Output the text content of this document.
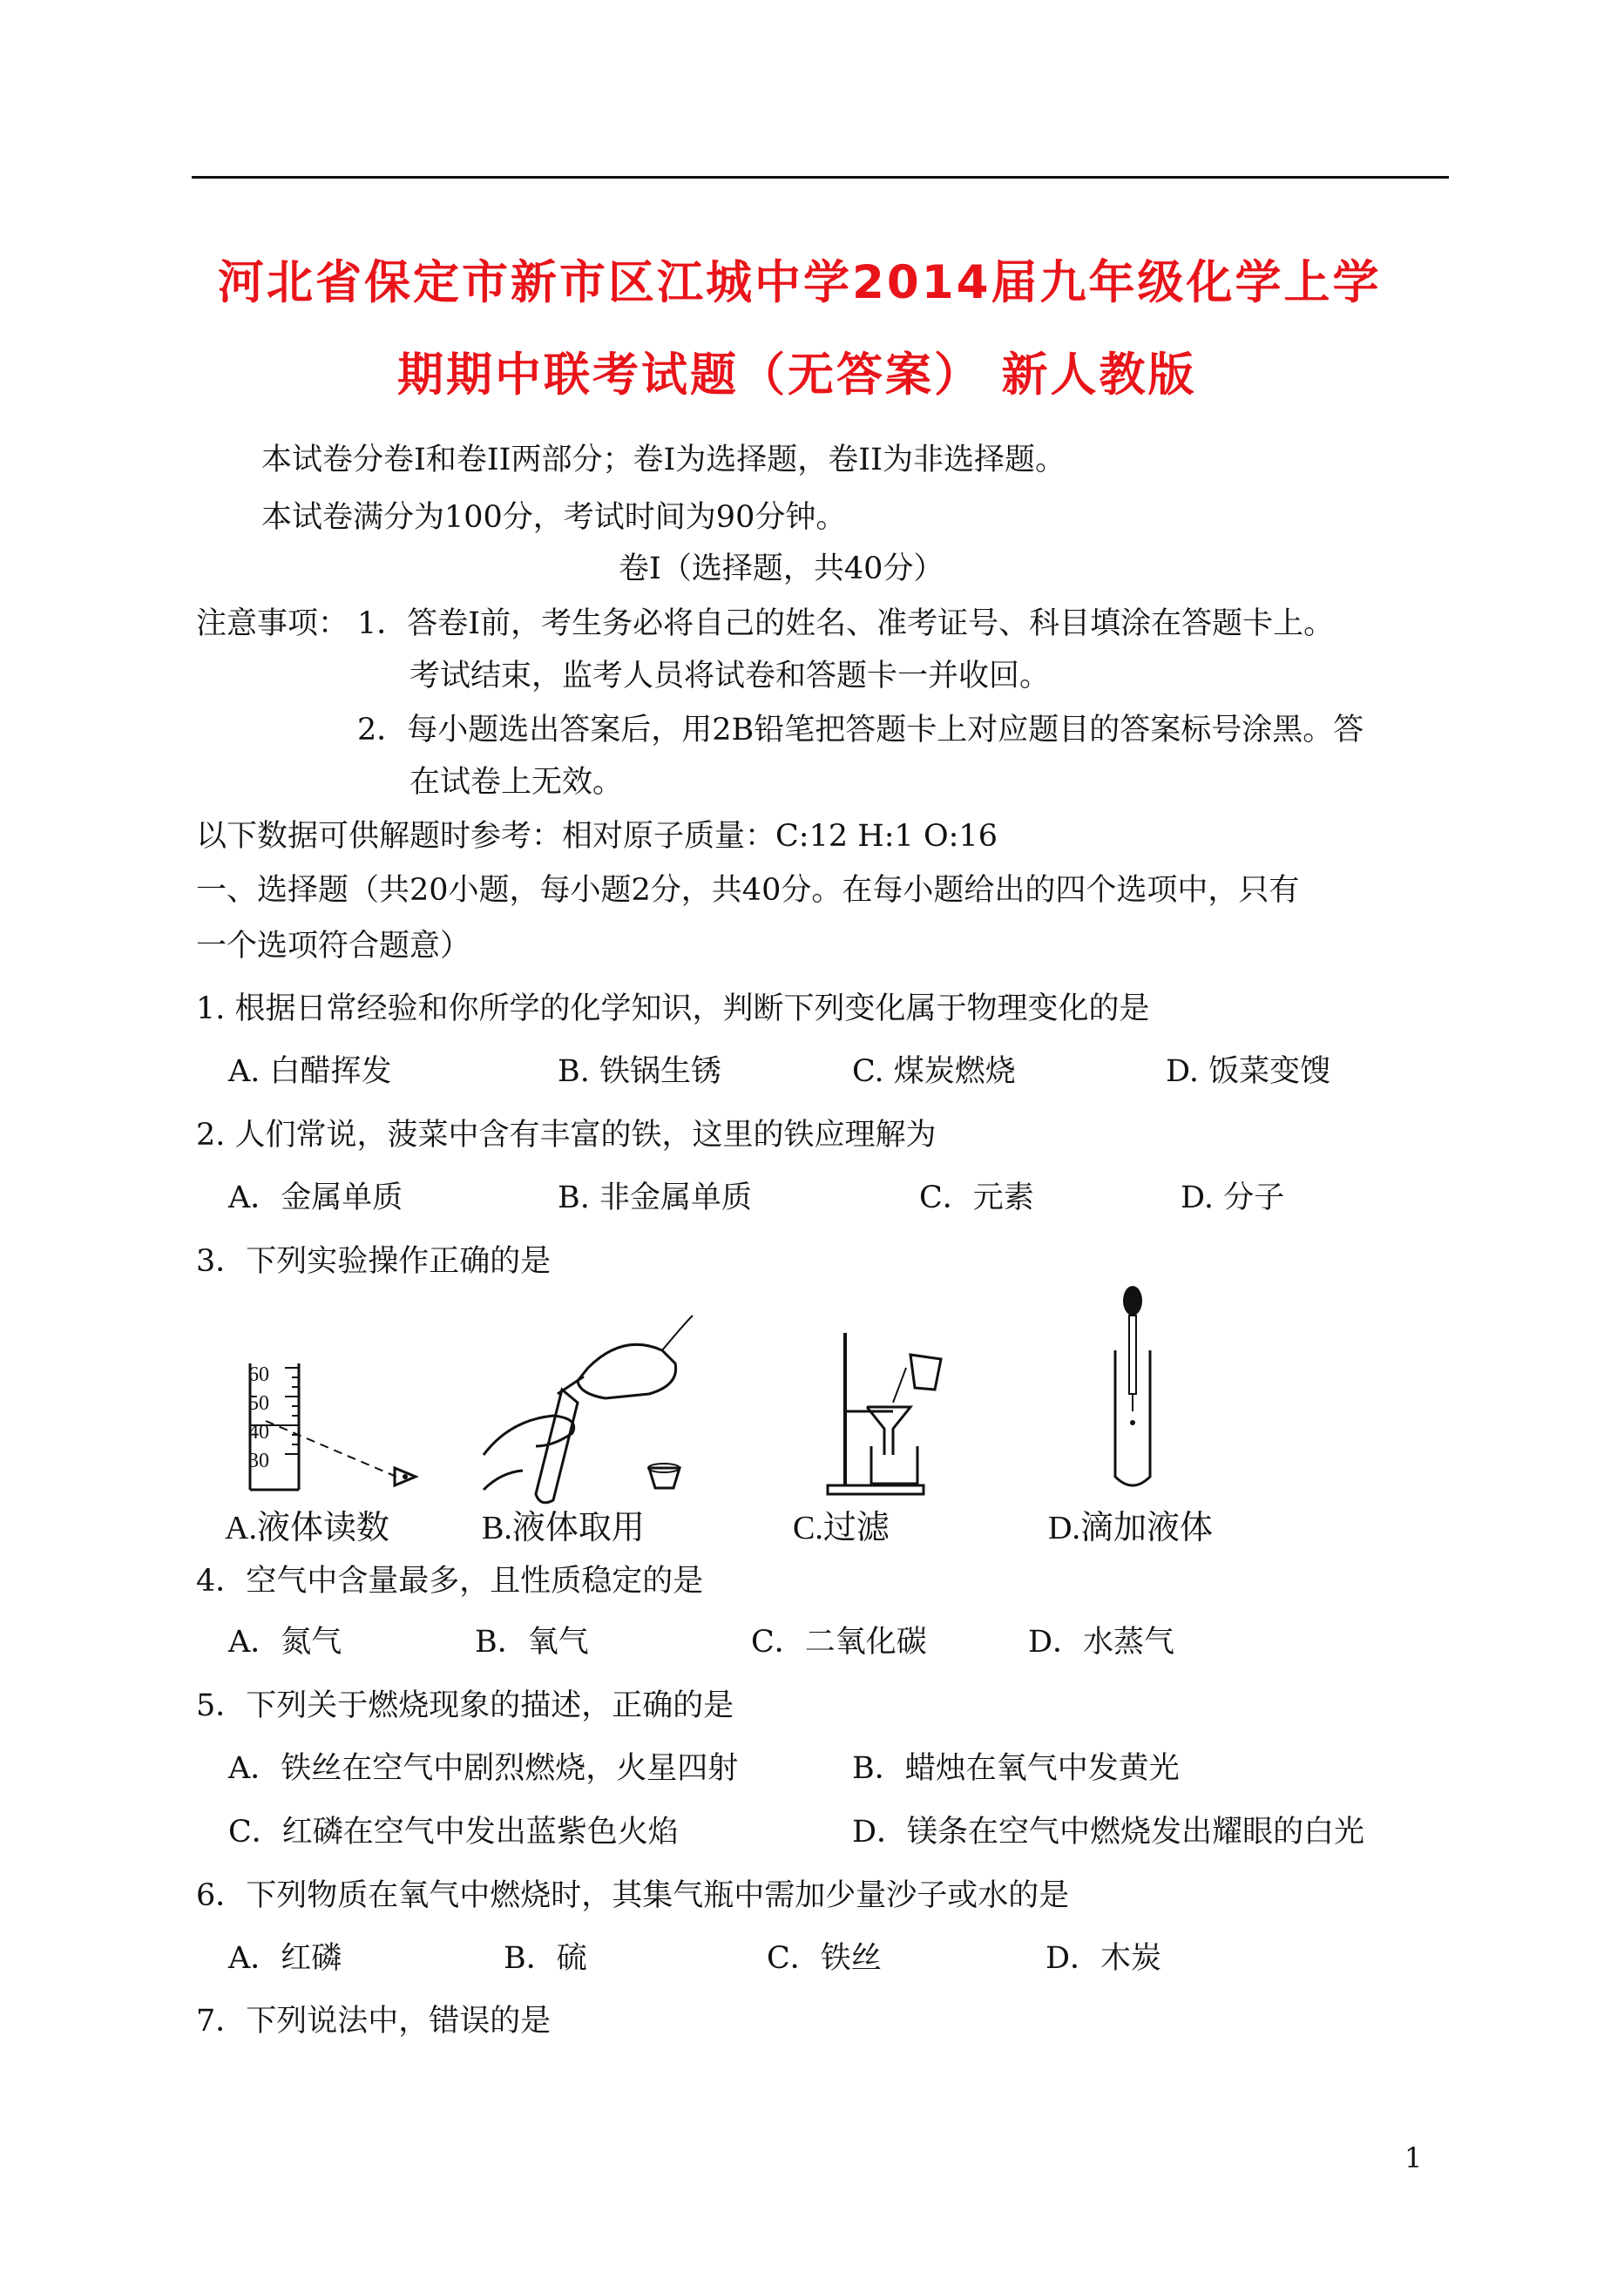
河北省保定市新市区江城中学2014届九年级化学上学
期期中联考试题（无答案） 新人教版
本试卷分卷Ⅰ和卷II两部分；卷Ⅰ为选择题，卷II为非选择题。
本试卷满分为100分，考试时间为90分钟。
卷Ⅰ（选择题，共40分）
注意事项： 1．答卷Ⅰ前，考生务必将自己的姓名、准考证号、科目填涂在答题卡上。
考试结束，监考人员将试卷和答题卡一并收回。
2．每小题选出答案后，用2B铅笔把答题卡上对应题目的答案标号涂黑。答
在试卷上无效。
以下数据可供解题时参考：相对原子质量：C:12 H:1 O:16
一、选择题（共20小题，每小题2分，共40分。在每小题给出的四个选项中，只有
一个选项符合题意）
1. 根据日常经验和你所学的化学知识，判断下列变化属于物理变化的是
A. 白醋挥发	B. 铁锅生锈	C. 煤炭燃烧	D. 饭菜变馊
2. 人们常说，菠菜中含有丰富的铁，这里的铁应理解为
A．金属单质	B. 非金属单质	C．元素	D. 分子
3．下列实验操作正确的是
60
50
40
30
A.液体读数	B.液体取用	C.过滤	D.滴加液体
4．空气中含量最多，且性质稳定的是
A．氮气	B．氧气	C．二氧化碳	D．水蒸气
5．下列关于燃烧现象的描述，正确的是
A．铁丝在空气中剧烈燃烧，火星四射	B．蜡烛在氧气中发黄光
C．红磷在空气中发出蓝紫色火焰	D．镁条在空气中燃烧发出耀眼的白光
6．下列物质在氧气中燃烧时，其集气瓶中需加少量沙子或水的是
A．红磷	B．硫	C．铁丝	D．木炭
7．下列说法中，错误的是
1
